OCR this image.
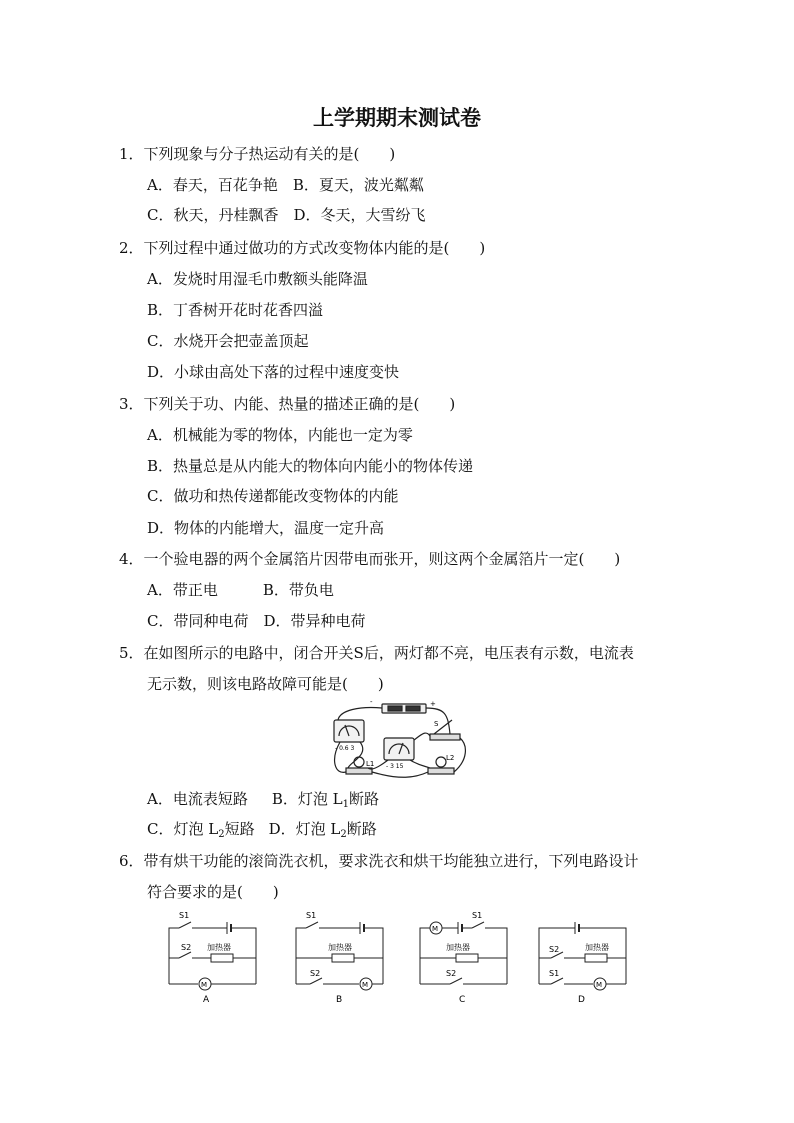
上学期期末测试卷
1．下列现象与分子热运动有关的是(　　)
A．春天，百花争艳　B．夏天，波光粼粼
C．秋天，丹桂飘香　D．冬天，大雪纷飞
2．下列过程中通过做功的方式改变物体内能的是(　　)
A．发烧时用湿毛巾敷额头能降温
B．丁香树开花时花香四溢
C．水烧开会把壶盖顶起
D．小球由高处下落的过程中速度变快
3．下列关于功、内能、热量的描述正确的是(　　)
A．机械能为零的物体，内能也一定为零
B．热量总是从内能大的物体向内能小的物体传递
C．做功和热传递都能改变物体的内能
D．物体的内能增大，温度一定升高
4．一个验电器的两个金属箔片因带电而张开，则这两个金属箔片一定(　　)
A．带正电　　　B．带负电
C．带同种电荷　D．带异种电荷
5．在如图所示的电路中，闭合开关S后，两灯都不亮，电压表有示数，电流表
无示数，则该电路故障可能是(　　)
-	+
- 0.6 3
- 3 15
S
L1
L2
A．电流表短路 B．灯泡 $L_1$断路
C．灯泡 $L_2$短路 D．灯泡 $L_2$断路
6．带有烘干功能的滚筒洗衣机，要求洗衣和烘干均能独立进行，下列电路设计
符合要求的是(　　)
S1
S2 加热器
M
A
S1
加热器
S2
M
B
M
S1
加热器
S2
C
S2	加热器
S1
M
D
